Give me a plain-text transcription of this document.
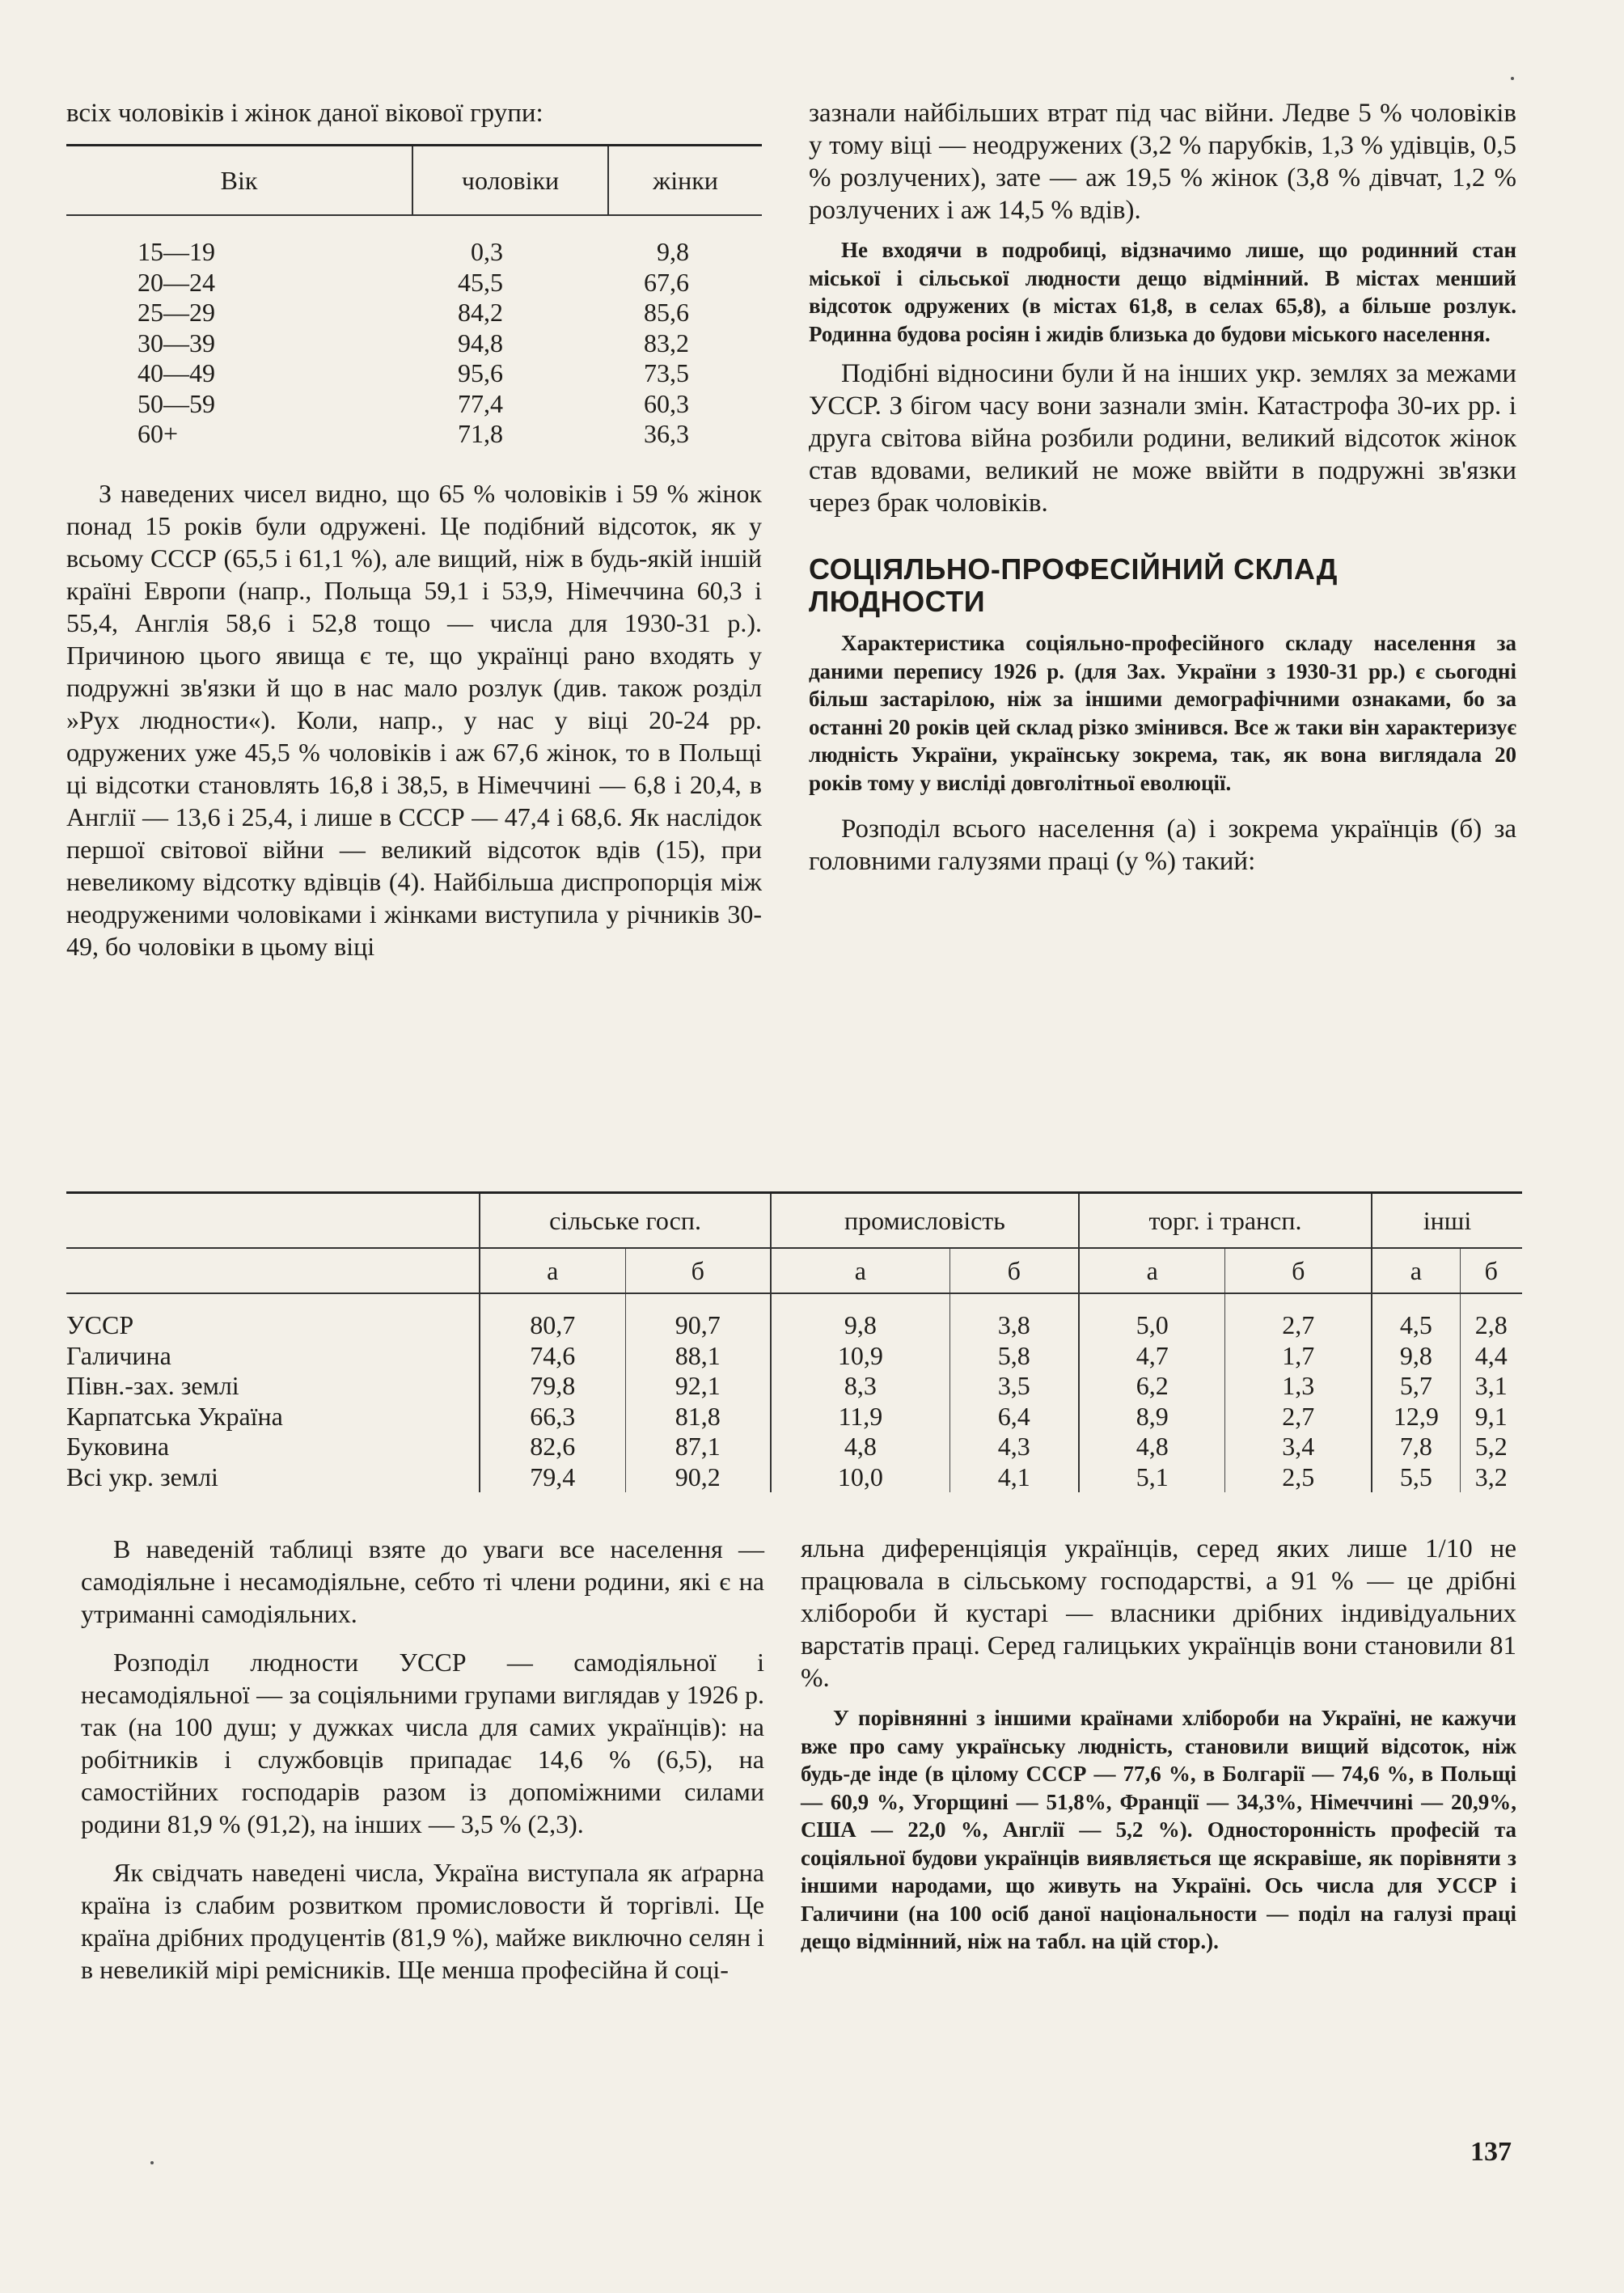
всіх чоловіків і жінок даної вікової групи:

Вік	чоловіки	жінки
15—19	0,3	9,8
20—24	45,5	67,6
25—29	84,2	85,6
30—39	94,8	83,2
40—49	95,6	73,5
50—59	77,4	60,3
60+	71,8	36,3

З наведених чисел видно, що 65 % чоловіків і 59 % жінок понад 15 років були одружені. Це подібний відсоток, як у всьому СССР (65,5 і 61,1 %), але вищий, ніж в будь-якій іншій країні Европи (напр., Польща 59,1 і 53,9, Німеччина 60,3 і 55,4, Англія 58,6 і 52,8 тощо — числа для 1930-31 р.). Причиною цього явища є те, що українці рано входять у подружні зв'язки й що в нас мало розлук (див. також розділ »Рух людности«). Коли, напр., у нас у віці 20-24 рр. одружених уже 45,5 % чоловіків і аж 67,6 жінок, то в Польщі ці відсотки становлять 16,8 і 38,5, в Німеччині — 6,8 і 20,4, в Англії — 13,6 і 25,4, і лише в СССР — 47,4 і 68,6. Як наслідок першої світової війни — великий відсоток вдів (15), при невеликому відсотку вдівців (4). Найбільша диспропорція між неодруженими чоловіками і жінками виступила у річників 30-49, бо чоловіки в цьому віці

зазнали найбільших втрат під час війни. Ледве 5 % чоловіків у тому віці — неодружених (3,2 % парубків, 1,3 % удівців, 0,5 % розлучених), зате — аж 19,5 % жінок (3,8 % дівчат, 1,2 % розлучених і аж 14,5 % вдів).

Не входячи в подробиці, відзначимо лише, що родинний стан міської і сільської людности дещо відмінний. В містах менший відсоток одружених (в містах 61,8, в селах 65,8), а більше розлук. Родинна будова росіян і жидів близька до будови міського населення.

Подібні відносини були й на інших укр. землях за межами УССР. З бігом часу вони зазнали змін. Катастрофа 30-их рр. і друга світова війна розбили родини, великий відсоток жінок став вдовами, великий не може ввійти в подружні зв'язки через брак чоловіків.

СОЦІЯЛЬНО-ПРОФЕСІЙНИЙ СКЛАД ЛЮДНОСТИ

Характеристика соціяльно-професійного складу населення за даними перепису 1926 р. (для Зах. України з 1930-31 рр.) є сьогодні більш застарілою, ніж за іншими демографічними ознаками, бо за останні 20 років цей склад різко змінився. Все ж таки він характеризує людність України, українську зокрема, так, як вона виглядала 20 років тому у висліді довголітньої еволюції.

Розподіл всього населення (а) і зокрема українців (б) за головними галузями праці (у %) такий:

	сільське госп.		промисловість		торг. і трансп.		інші	
	а	б	а	б	а	б	а	б
УССР	80,7	90,7	9,8	3,8	5,0	2,7	4,5	2,8
Галичина	74,6	88,1	10,9	5,8	4,7	1,7	9,8	4,4
Півн.-зах. землі	79,8	92,1	8,3	3,5	6,2	1,3	5,7	3,1
Карпатська Україна	66,3	81,8	11,9	6,4	8,9	2,7	12,9	9,1
Буковина	82,6	87,1	4,8	4,3	4,8	3,4	7,8	5,2
Всі укр. землі	79,4	90,2	10,0	4,1	5,1	2,5	5,5	3,2

В наведеній таблиці взяте до уваги все населення — самодіяльне і несамодіяльне, себто ті члени родини, які є на утриманні самодіяльних.

Розподіл людности УССР — самодіяльної і несамодіяльної — за соціяльними групами виглядав у 1926 р. так (на 100 душ; у дужках числа для самих українців): на робітників і службовців припадає 14,6 % (6,5), на самостійних господарів разом із допоміжними силами родини 81,9 % (91,2), на інших — 3,5 % (2,3).

Як свідчать наведені числа, Україна виступала як аґрарна країна із слабим розвитком промисловости й торгівлі. Це країна дрібних продуцентів (81,9 %), майже виключно селян і в невеликій мірі ремісників. Ще менша професійна й соці-

яльна диференціяція українців, серед яких лише 1/10 не працювала в сільському господарстві, а 91 % — це дрібні хлібороби й кустарі — власники дрібних індивідуальних варстатів праці. Серед галицьких українців вони становили 81 %.

У порівнянні з іншими країнами хлібороби на Україні, не кажучи вже про саму українську людність, становили вищий відсоток, ніж будь-де інде (в цілому СССР — 77,6 %, в Болгарії — 74,6 %, в Польщі — 60,9 %, Угорщині — 51,8%, Франції — 34,3%, Німеччині — 20,9%, США — 22,0 %, Англії — 5,2 %). Односторонність професій та соціяльної будови українців виявляється ще яскравіше, як порівняти з іншими народами, що живуть на Україні. Ось числа для УССР і Галичини (на 100 осіб даної національности — поділ на галузі праці дещо відмінний, ніж на табл. на цій стор.).

137
